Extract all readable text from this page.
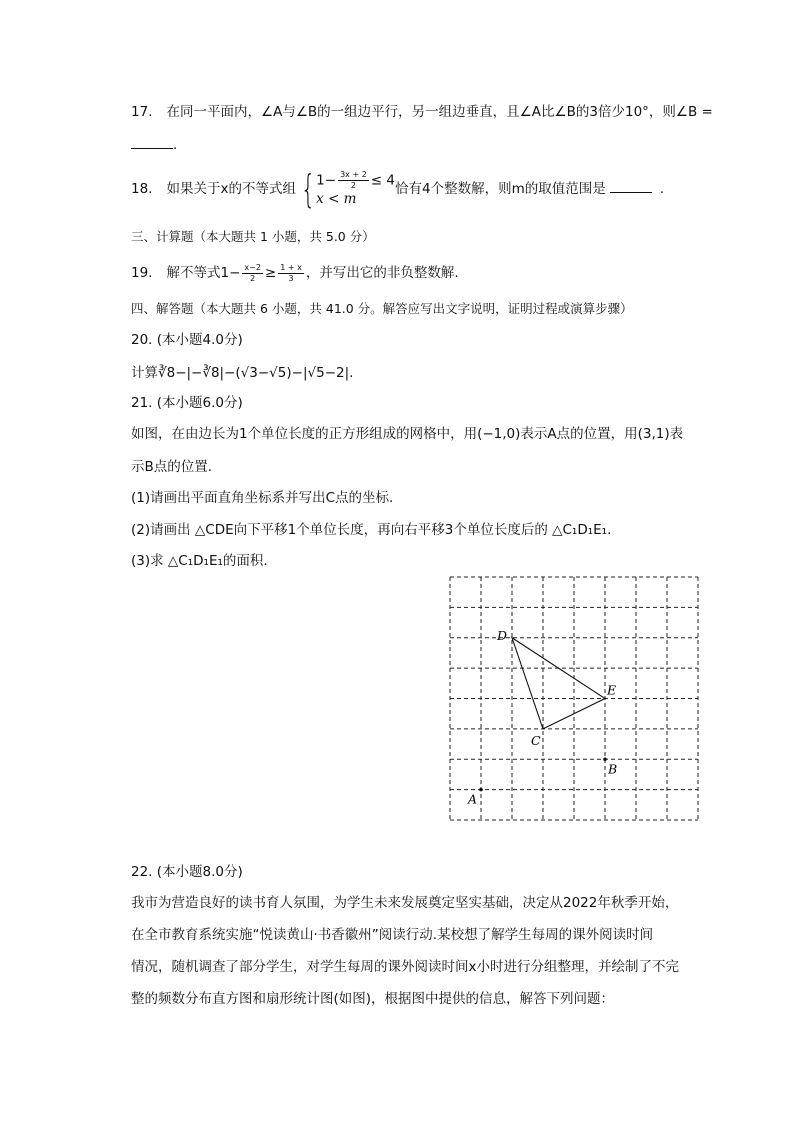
17. 在同一平面内，∠A与∠B的一组边平行，另一组边垂直，且∠A比∠B的3倍少10°，则∠B =
.
18. 如果关于x的不等式组 { $1- \frac{3x + 2}{2} \le 4$
x < m
恰有4个整数解，则m的取值范围是	.
三、计算题（本大题共 1 小题，共 5.0 分）
19. 解不等式$1- \frac{x-2}{2} \ge \frac{1 + x}{3}$ ，并写出它的非负整数解.
四、解答题（本大题共 6 小题，共 41.0 分。解答应写出文字说明，证明过程或演算步骤）
20. (本小题4.0分)
计算∛8−|−∛8|−(√3−√5)−|√5−2|.
21. (本小题6.0分)
如图，在由边长为1个单位长度的正方形组成的网格中，用(−1,0)表示A点的位置，用(3,1)表
示B点的位置.
(1)请画出平面直角坐标系并写出C点的坐标.
(2)请画出 △CDE向下平移1个单位长度，再向右平移3个单位长度后的 △C₁D₁E₁.
(3)求 △C₁D₁E₁的面积.
D
E
C
B
A
22. (本小题8.0分)
我市为营造良好的读书育人氛围，为学生未来发展奠定坚实基础，决定从2022年秋季开始，
在全市教育系统实施“悦读黄山·书香徽州”阅读行动.某校想了解学生每周的课外阅读时间
情况，随机调查了部分学生，对学生每周的课外阅读时间x小时进行分组整理，并绘制了不完
整的频数分布直方图和扇形统计图(如图)，根据图中提供的信息，解答下列问题：
